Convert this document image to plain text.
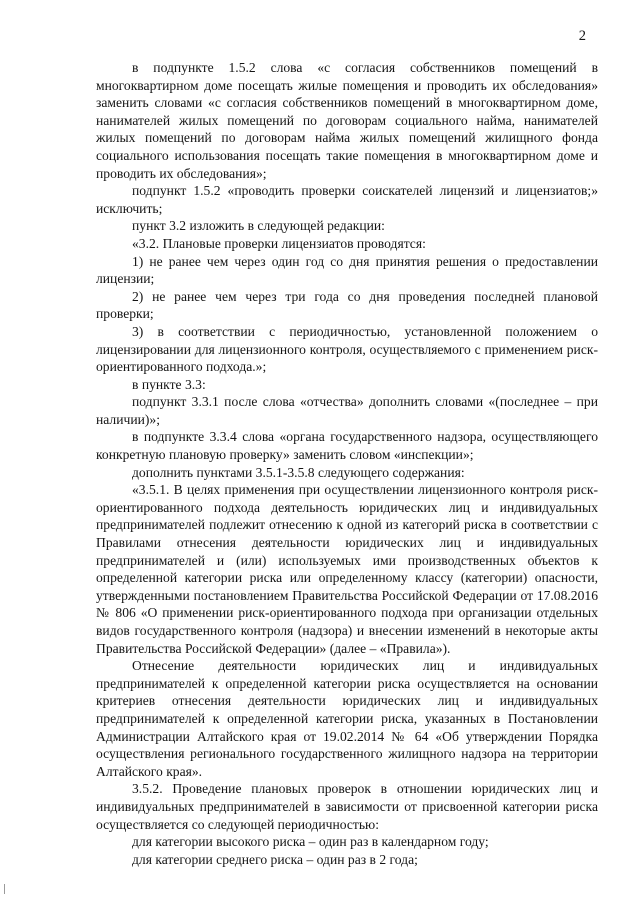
2

в подпункте 1.5.2 слова «с согласия собственников помещений в многоквартирном доме посещать жилые помещения и проводить их обследования» заменить словами «с согласия собственников помещений в многоквартирном доме, нанимателей жилых помещений по договорам социального найма, нанимателей жилых помещений по договорам найма жилых помещений жилищного фонда социального использования посещать такие помещения в многоквартирном доме и проводить их обследования»;

подпункт 1.5.2 «проводить проверки соискателей лицензий и лицензиатов;» исключить;

пункт 3.2 изложить в следующей редакции:

«3.2. Плановые проверки лицензиатов проводятся:

1) не ранее чем через один год со дня принятия решения о предоставлении лицензии;

2) не ранее чем через три года со дня проведения последней плановой проверки;

3) в соответствии с периодичностью, установленной положением о лицензировании для лицензионного контроля, осуществляемого с применением риск-ориентированного подхода.»;

в пункте 3.3:

подпункт 3.3.1 после слова «отчества» дополнить словами «(последнее – при наличии)»;

в подпункте 3.3.4 слова «органа государственного надзора, осуществляющего конкретную плановую проверку» заменить словом «инспекции»;

дополнить пунктами 3.5.1-3.5.8 следующего содержания:

«3.5.1. В целях применения при осуществлении лицензионного контроля риск-ориентированного подхода деятельность юридических лиц и индивидуальных предпринимателей подлежит отнесению к одной из категорий риска в соответствии с Правилами отнесения деятельности юридических лиц и индивидуальных предпринимателей и (или) используемых ими производственных объектов к определенной категории риска или определенному классу (категории) опасности, утвержденными постановлением Правительства Российской Федерации от 17.08.2016 № 806 «О применении риск-ориентированного подхода при организации отдельных видов государственного контроля (надзора) и внесении изменений в некоторые акты Правительства Российской Федерации» (далее – «Правила»).

Отнесение деятельности юридических лиц и индивидуальных предпринимателей к определенной категории риска осуществляется на основании критериев отнесения деятельности юридических лиц и индивидуальных предпринимателей к определенной категории риска, указанных в Постановлении Администрации Алтайского края от 19.02.2014 № 64 «Об утверждении Порядка осуществления регионального государственного жилищного надзора на территории Алтайского края».

3.5.2. Проведение плановых проверок в отношении юридических лиц и индивидуальных предпринимателей в зависимости от присвоенной категории риска осуществляется со следующей периодичностью:

для категории высокого риска – один раз в календарном году;

для категории среднего риска – один раз в 2 года;
